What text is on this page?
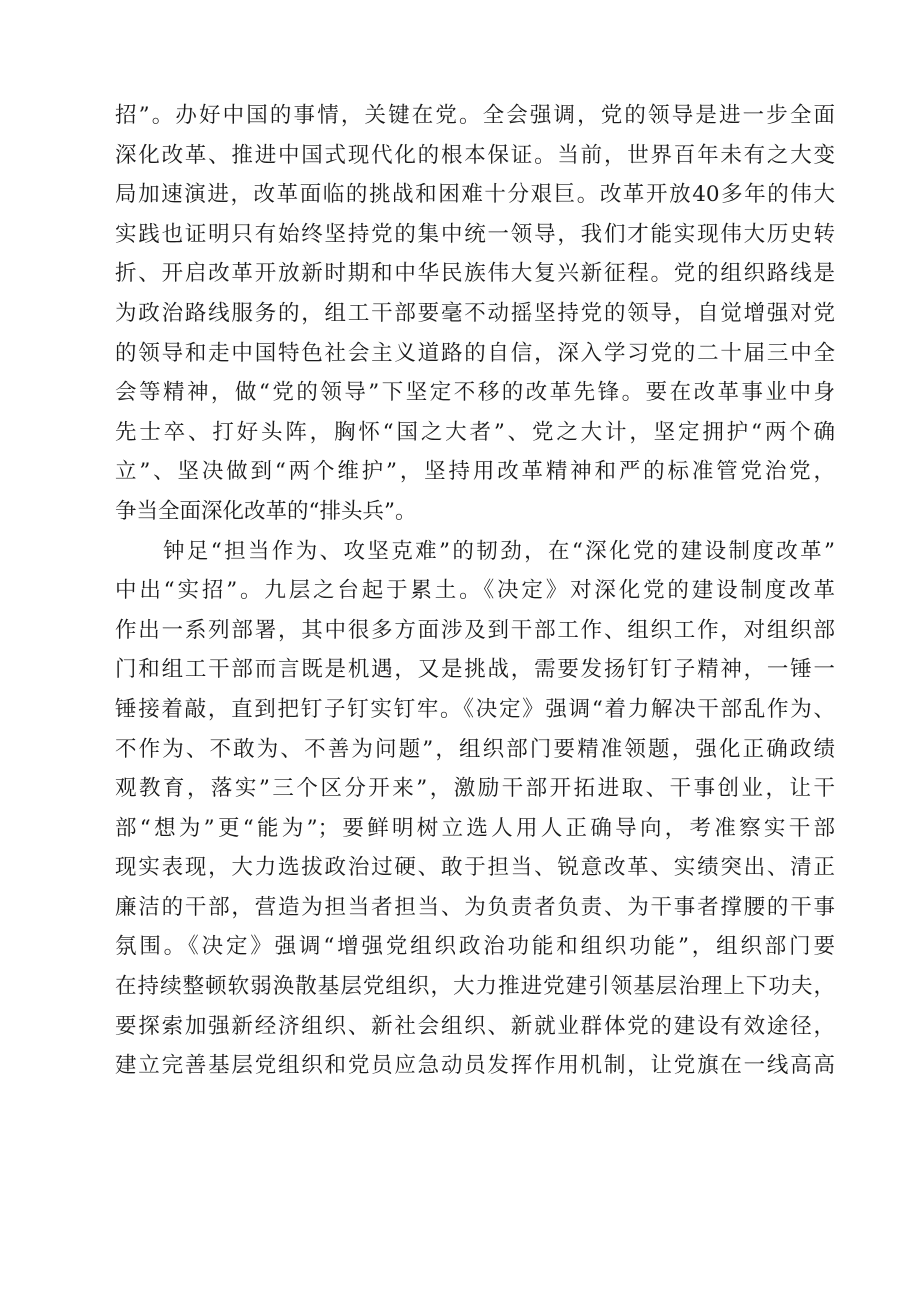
招”。办好中国的事情，关键在党。全会强调，党的领导是进一步全面
深化改革、推进中国式现代化的根本保证。当前，世界百年未有之大变
局加速演进，改革面临的挑战和困难十分艰巨。改革开放40多年的伟大
实践也证明只有始终坚持党的集中统一领导，我们才能实现伟大历史转
折、开启改革开放新时期和中华民族伟大复兴新征程。党的组织路线是
为政治路线服务的，组工干部要毫不动摇坚持党的领导，自觉增强对党
的领导和走中国特色社会主义道路的自信，深入学习党的二十届三中全
会等精神，做“党的领导”下坚定不移的改革先锋。要在改革事业中身
先士卒、打好头阵，胸怀“国之大者”、党之大计，坚定拥护“两个确
立”、坚决做到“两个维护”，坚持用改革精神和严的标准管党治党，
争当全面深化改革的“排头兵”。
钟足“担当作为、攻坚克难”的韧劲，在“深化党的建设制度改革”
中出“实招”。九层之台起于累土。《决定》对深化党的建设制度改革
作出一系列部署，其中很多方面涉及到干部工作、组织工作，对组织部
门和组工干部而言既是机遇，又是挑战，需要发扬钉钉子精神，一锤一
锤接着敲，直到把钉子钉实钉牢。《决定》强调“着力解决干部乱作为、
不作为、不敢为、不善为问题”，组织部门要精准领题，强化正确政绩
观教育，落实”三个区分开来”，激励干部开拓进取、干事创业，让干
部“想为”更“能为”；要鲜明树立选人用人正确导向，考准察实干部
现实表现，大力选拔政治过硬、敢于担当、锐意改革、实绩突出、清正
廉洁的干部，营造为担当者担当、为负责者负责、为干事者撑腰的干事
氛围。《决定》强调“增强党组织政治功能和组织功能”，组织部门要
在持续整顿软弱涣散基层党组织，大力推进党建引领基层治理上下功夫，
要探索加强新经济组织、新社会组织、新就业群体党的建设有效途径，
建立完善基层党组织和党员应急动员发挥作用机制，让党旗在一线高高
